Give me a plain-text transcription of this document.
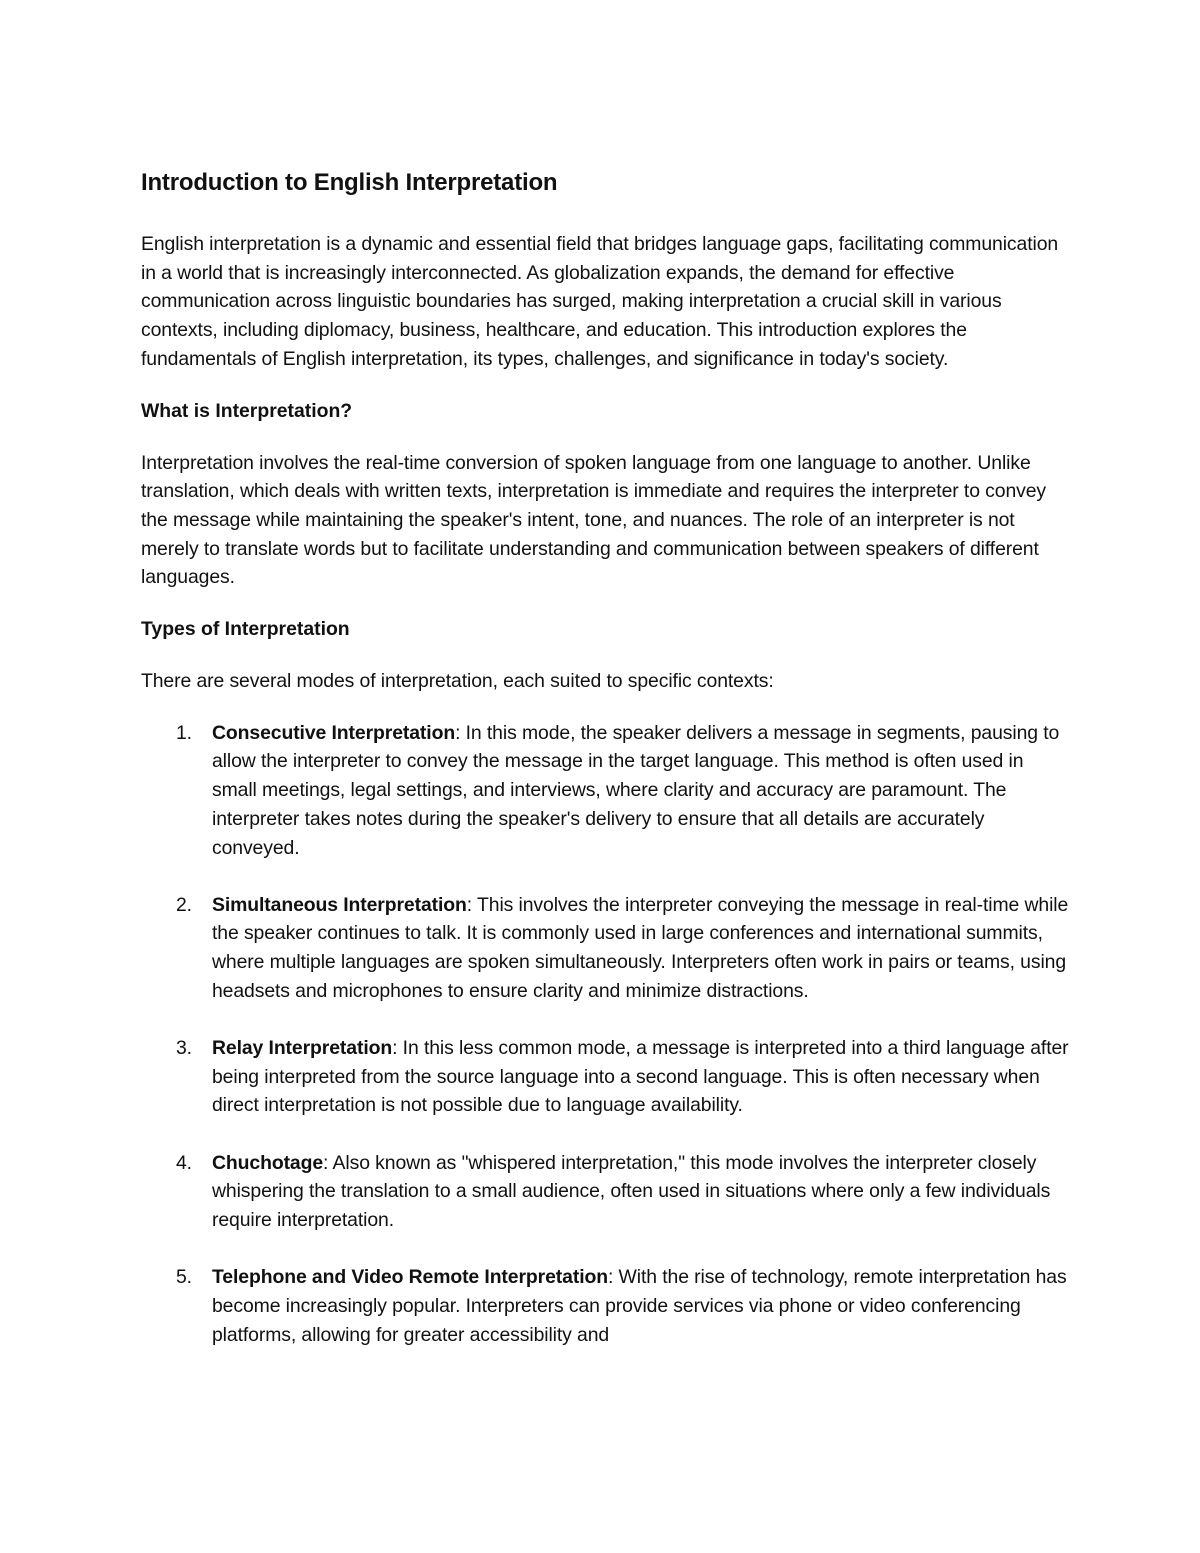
Introduction to English Interpretation

English interpretation is a dynamic and essential field that bridges language gaps, facilitating communication in a world that is increasingly interconnected. As globalization expands, the demand for effective communication across linguistic boundaries has surged, making interpretation a crucial skill in various contexts, including diplomacy, business, healthcare, and education. This introduction explores the fundamentals of English interpretation, its types, challenges, and significance in today's society.

What is Interpretation?

Interpretation involves the real-time conversion of spoken language from one language to another. Unlike translation, which deals with written texts, interpretation is immediate and requires the interpreter to convey the message while maintaining the speaker's intent, tone, and nuances. The role of an interpreter is not merely to translate words but to facilitate understanding and communication between speakers of different languages.

Types of Interpretation

There are several modes of interpretation, each suited to specific contexts:

1. Consecutive Interpretation: In this mode, the speaker delivers a message in segments, pausing to allow the interpreter to convey the message in the target language. This method is often used in small meetings, legal settings, and interviews, where clarity and accuracy are paramount. The interpreter takes notes during the speaker's delivery to ensure that all details are accurately conveyed.
2. Simultaneous Interpretation: This involves the interpreter conveying the message in real-time while the speaker continues to talk. It is commonly used in large conferences and international summits, where multiple languages are spoken simultaneously. Interpreters often work in pairs or teams, using headsets and microphones to ensure clarity and minimize distractions.
3. Relay Interpretation: In this less common mode, a message is interpreted into a third language after being interpreted from the source language into a second language. This is often necessary when direct interpretation is not possible due to language availability.
4. Chuchotage: Also known as "whispered interpretation," this mode involves the interpreter closely whispering the translation to a small audience, often used in situations where only a few individuals require interpretation.
5. Telephone and Video Remote Interpretation: With the rise of technology, remote interpretation has become increasingly popular. Interpreters can provide services via phone or video conferencing platforms, allowing for greater accessibility and
